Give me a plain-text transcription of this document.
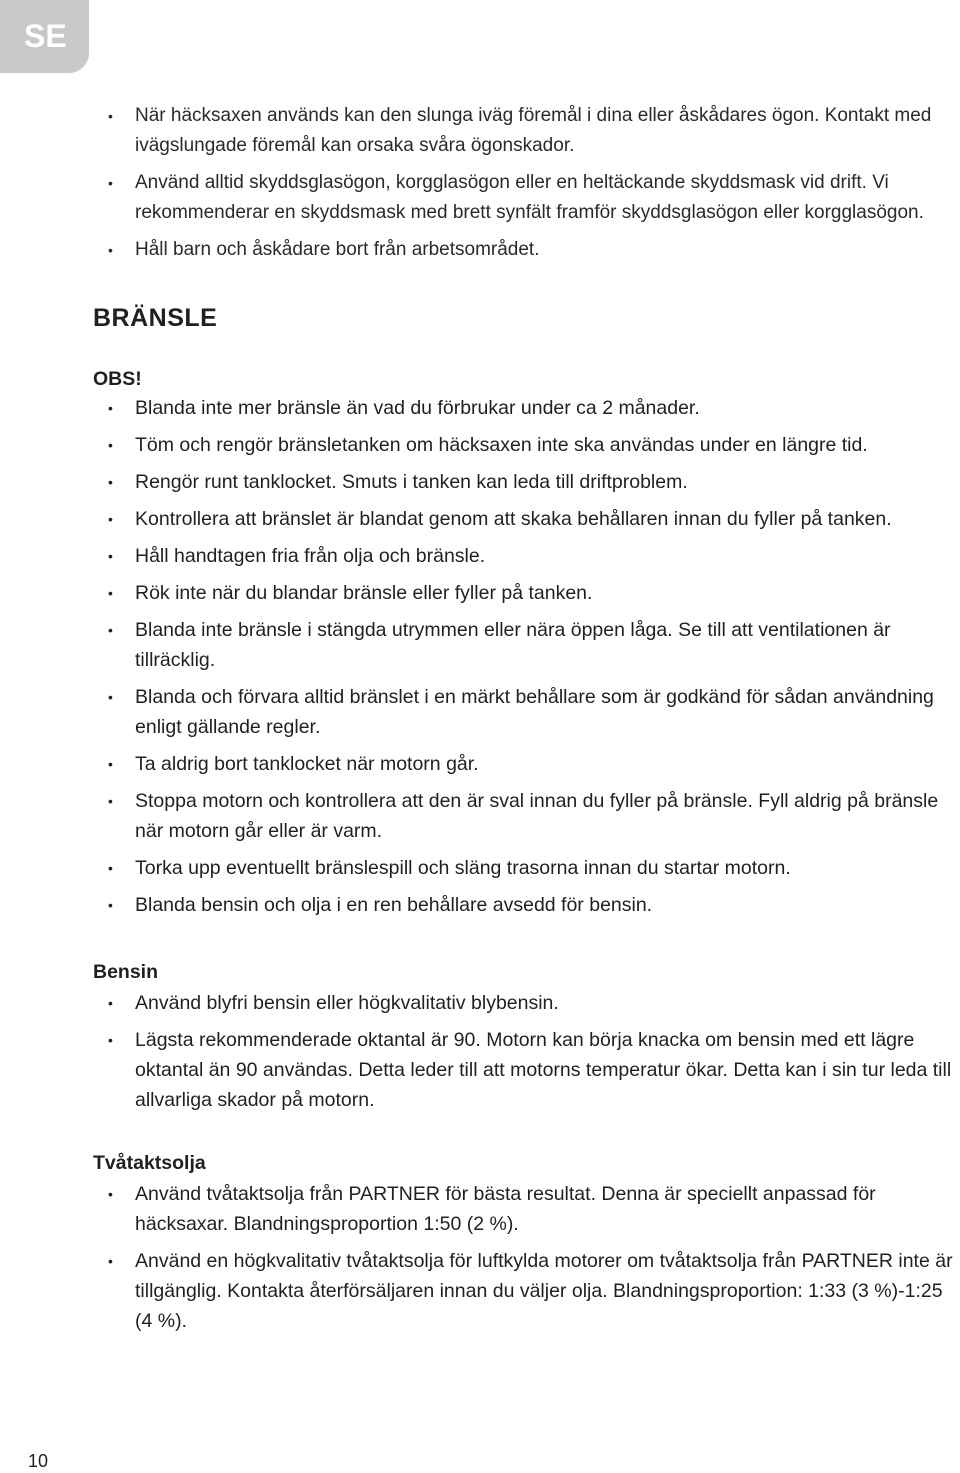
SE
• När häcksaxen används kan den slunga iväg föremål i dina eller åskådares ögon. Kontakt med ivägslungade föremål kan orsaka svåra ögonskador.
• Använd alltid skyddsglasögon, korgglasögon eller en heltäckande skyddsmask vid drift. Vi rekommenderar en skyddsmask med brett synfält framför skyddsglasögon eller korgglasögon.
• Håll barn och åskådare bort från arbetsområdet.
BRÄNSLE
OBS!
• Blanda inte mer bränsle än vad du förbrukar under ca 2 månader.
• Töm och rengör bränsletanken om häcksaxen inte ska användas under en längre tid.
• Rengör runt tanklocket. Smuts i tanken kan leda till driftproblem.
• Kontrollera att bränslet är blandat genom att skaka behållaren innan du fyller på tanken.
• Håll handtagen fria från olja och bränsle.
• Rök inte när du blandar bränsle eller fyller på tanken.
• Blanda inte bränsle i stängda utrymmen eller nära öppen låga. Se till att ventilationen är tillräcklig.
• Blanda och förvara alltid bränslet i en märkt behållare som är godkänd för sådan användning enligt gällande regler.
• Ta aldrig bort tanklocket när motorn går.
• Stoppa motorn och kontrollera att den är sval innan du fyller på bränsle. Fyll aldrig på bränsle när motorn går eller är varm.
• Torka upp eventuellt bränslespill och släng trasorna innan du startar motorn.
• Blanda bensin och olja i en ren behållare avsedd för bensin.
Bensin
• Använd blyfri bensin eller högkvalitativ blybensin.
• Lägsta rekommenderade oktantal är 90. Motorn kan börja knacka om bensin med ett lägre oktantal än 90 användas. Detta leder till att motorns temperatur ökar. Detta kan i sin tur leda till allvarliga skador på motorn.
Tvåtaktsolja
• Använd tvåtaktsolja från PARTNER för bästa resultat. Denna är speciellt anpassad för häcksaxar. Blandningsproportion 1:50 (2 %).
• Använd en högkvalitativ tvåtaktsolja för luftkylda motorer om tvåtaktsolja från PARTNER inte är tillgänglig. Kontakta återförsäljaren innan du väljer olja. Blandningsproportion: 1:33 (3 %)-1:25 (4 %).
10
